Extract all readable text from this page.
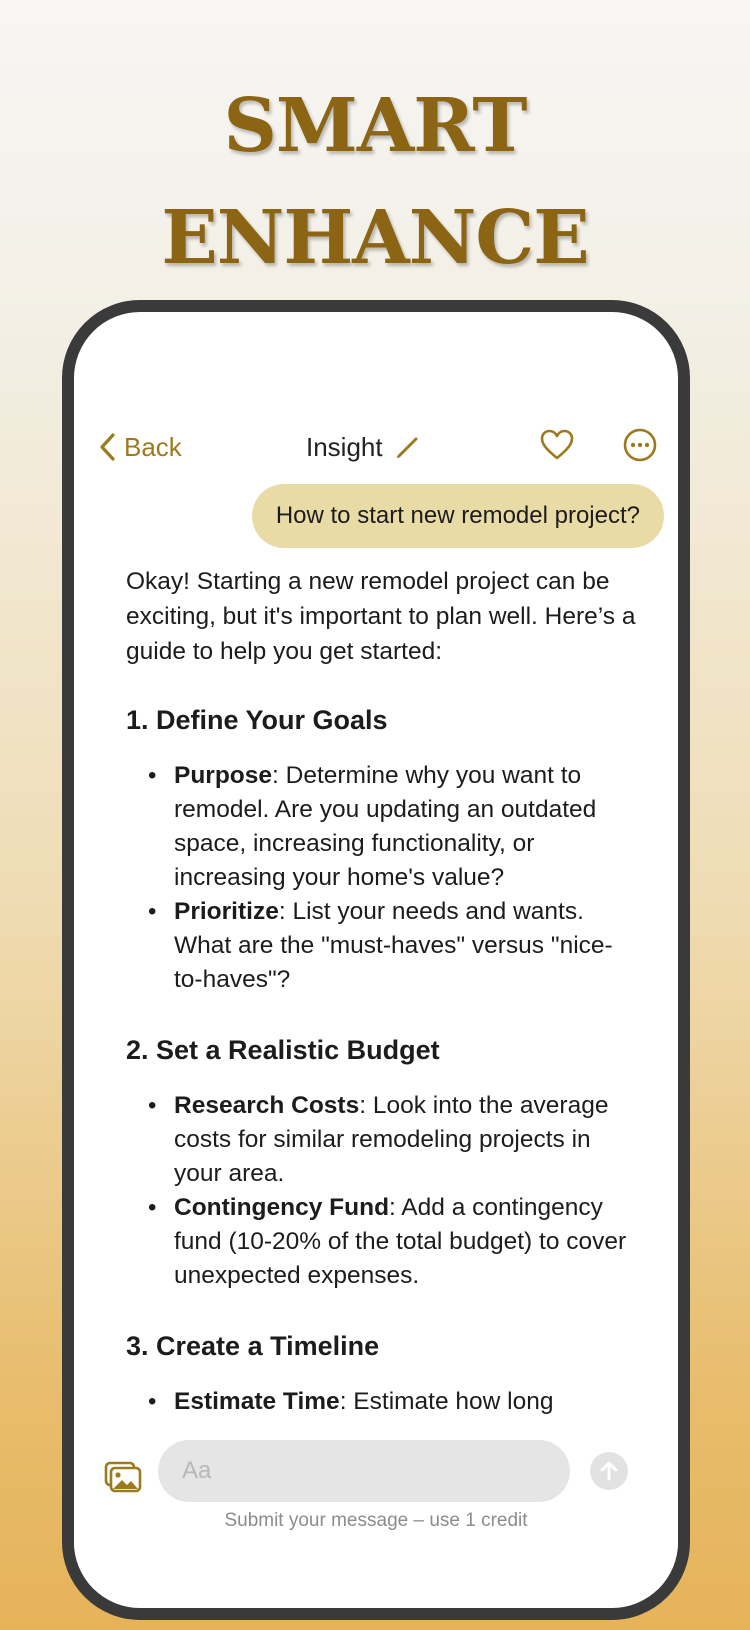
SMART
ENHANCE
Back	Insight
How to start new remodel project?

Okay! Starting a new remodel project can be exciting, but it's important to plan well. Here’s a guide to help you get started:

1. Define Your Goals

• Purpose: Determine why you want to remodel. Are you updating an outdated space, increasing functionality, or increasing your home's value?
• Prioritize: List your needs and wants. What are the "must-haves" versus "nice-to-haves"?

2. Set a Realistic Budget

• Research Costs: Look into the average costs for similar remodeling projects in your area.
• Contingency Fund: Add a contingency fund (10-20% of the total budget) to cover unexpected expenses.

3. Create a Timeline

• Estimate Time: Estimate how long
Aa
Submit your message – use 1 credit
